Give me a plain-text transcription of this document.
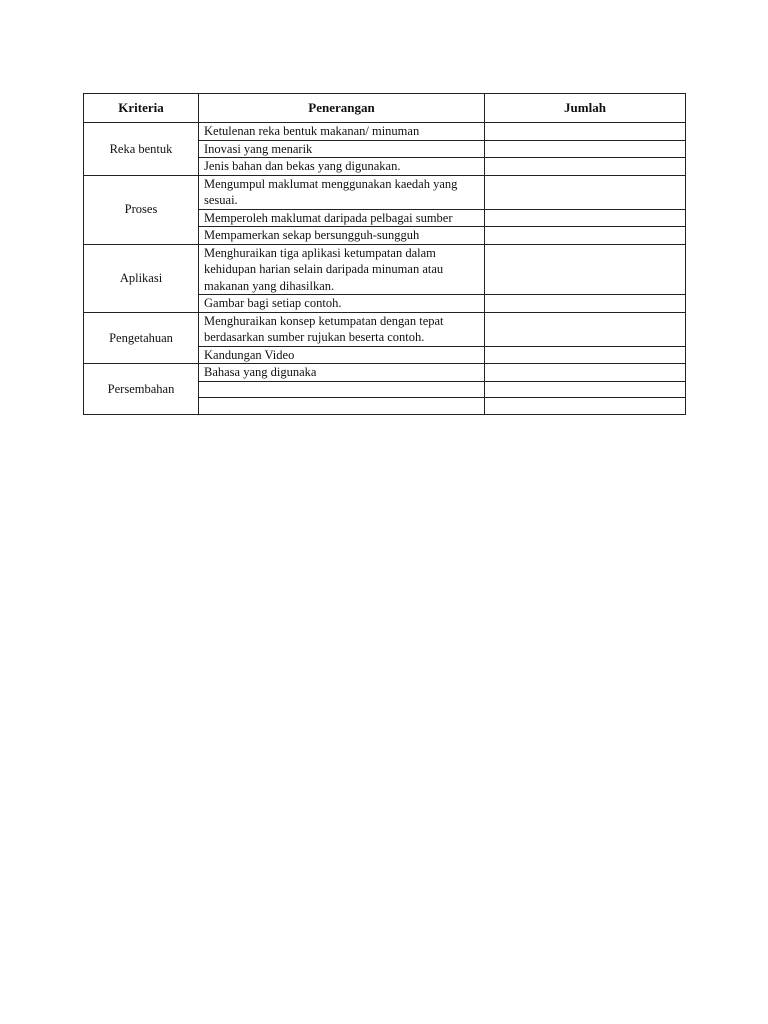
Kriteria	Penerangan	Jumlah
Reka bentuk	Ketulenan reka bentuk makanan/ minuman	
	Inovasi yang menarik	
	Jenis bahan dan bekas yang digunakan.	
Proses	Mengumpul maklumat menggunakan kaedah yang sesuai.	
	Memperoleh maklumat daripada pelbagai sumber	
	Mempamerkan sekap bersungguh-sungguh	
Aplikasi	Menghuraikan tiga aplikasi ketumpatan dalam kehidupan harian selain daripada minuman atau makanan yang dihasilkan.	
	Gambar bagi setiap contoh.	
Pengetahuan	Menghuraikan konsep ketumpatan dengan tepat berdasarkan sumber rujukan beserta contoh.	
	Kandungan Video	
Persembahan	Bahasa yang digunaka	
